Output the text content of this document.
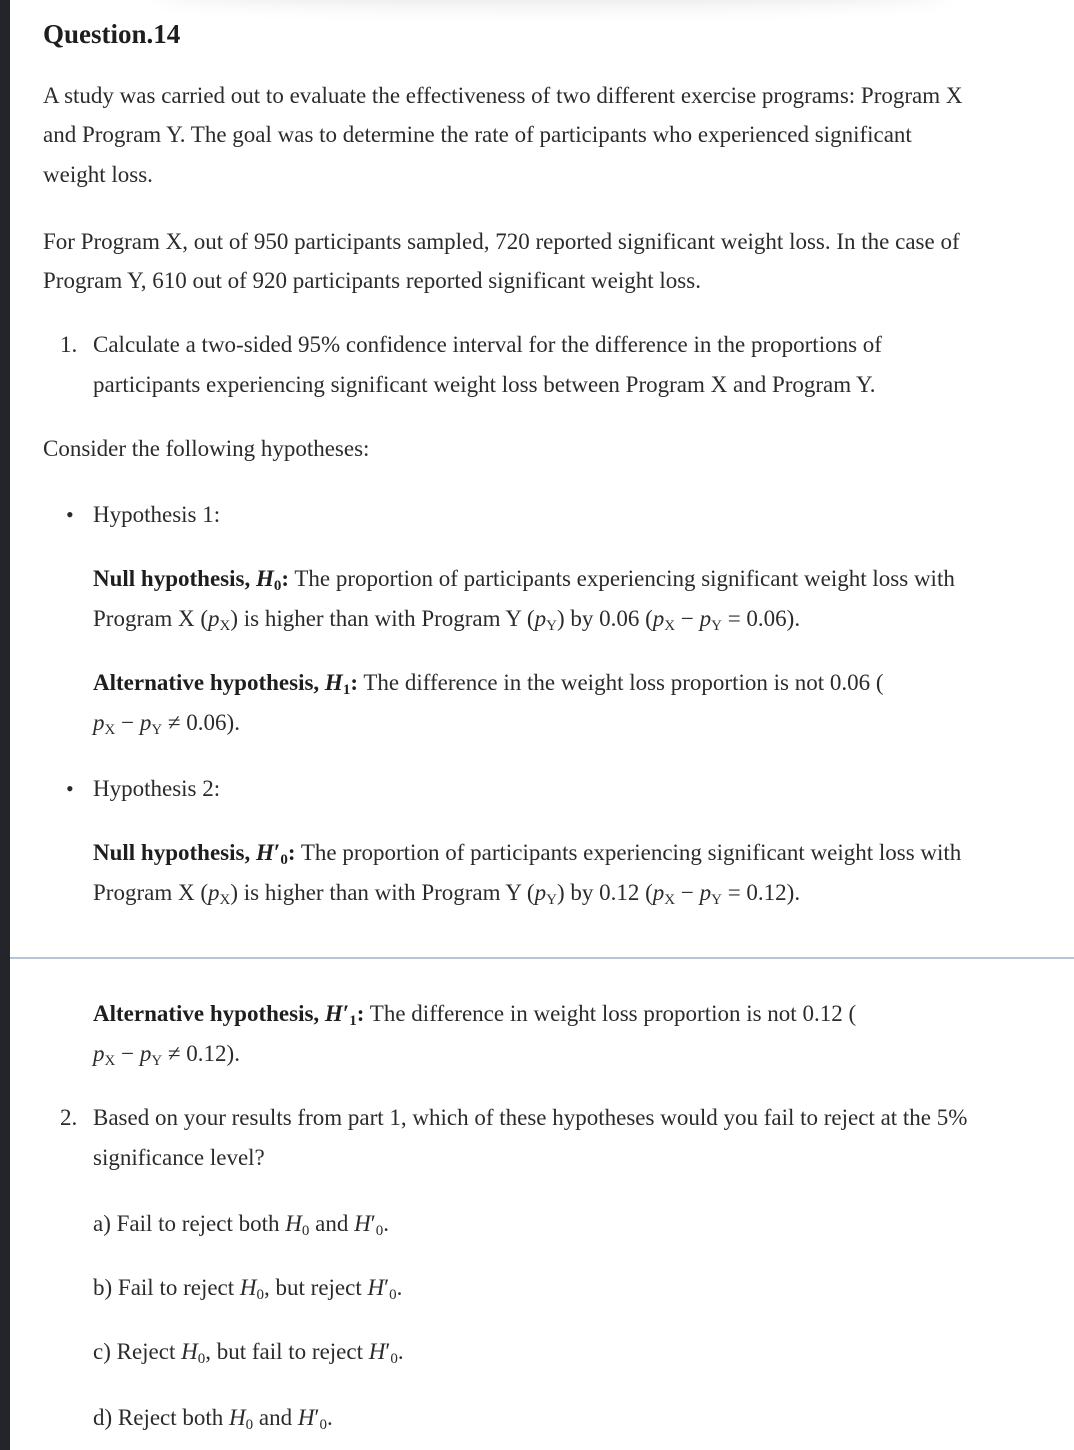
Question.14
A study was carried out to evaluate the effectiveness of two different exercise programs: Program X
and Program Y. The goal was to determine the rate of participants who experienced significant
weight loss.
For Program X, out of 950 participants sampled, 720 reported significant weight loss. In the case of
Program Y, 610 out of 920 participants reported significant weight loss.
1. Calculate a two-sided 95% confidence interval for the difference in the proportions of
participants experiencing significant weight loss between Program X and Program Y.
Consider the following hypotheses:
• Hypothesis 1:
Null hypothesis, $H_0$: The proportion of participants experiencing significant weight loss with
Program X $(p_X)$ is higher than with Program Y $(p_Y)$ by 0.06 $(p_X - p_Y = 0.06)$.
Alternative hypothesis, $H_1$: The difference in the weight loss proportion is not 0.06 (
$p_X - p_Y \ne 0.06$).
• Hypothesis 2:
Null hypothesis, $H'_0$: The proportion of participants experiencing significant weight loss with
Program X $(p_X)$ is higher than with Program Y $(p_Y)$ by 0.12 $(p_X - p_Y = 0.12)$.
Alternative hypothesis, $H'_1$: The difference in weight loss proportion is not 0.12 (
$p_X - p_Y \ne 0.12$).
2. Based on your results from part 1, which of these hypotheses would you fail to reject at the 5%
significance level?
a) Fail to reject both $H_0$ and $H'_0$.
b) Fail to reject $H_0$, but reject $H'_0$.
c) Reject $H_0$, but fail to reject $H'_0$.
d) Reject both $H_0$ and $H'_0$.
